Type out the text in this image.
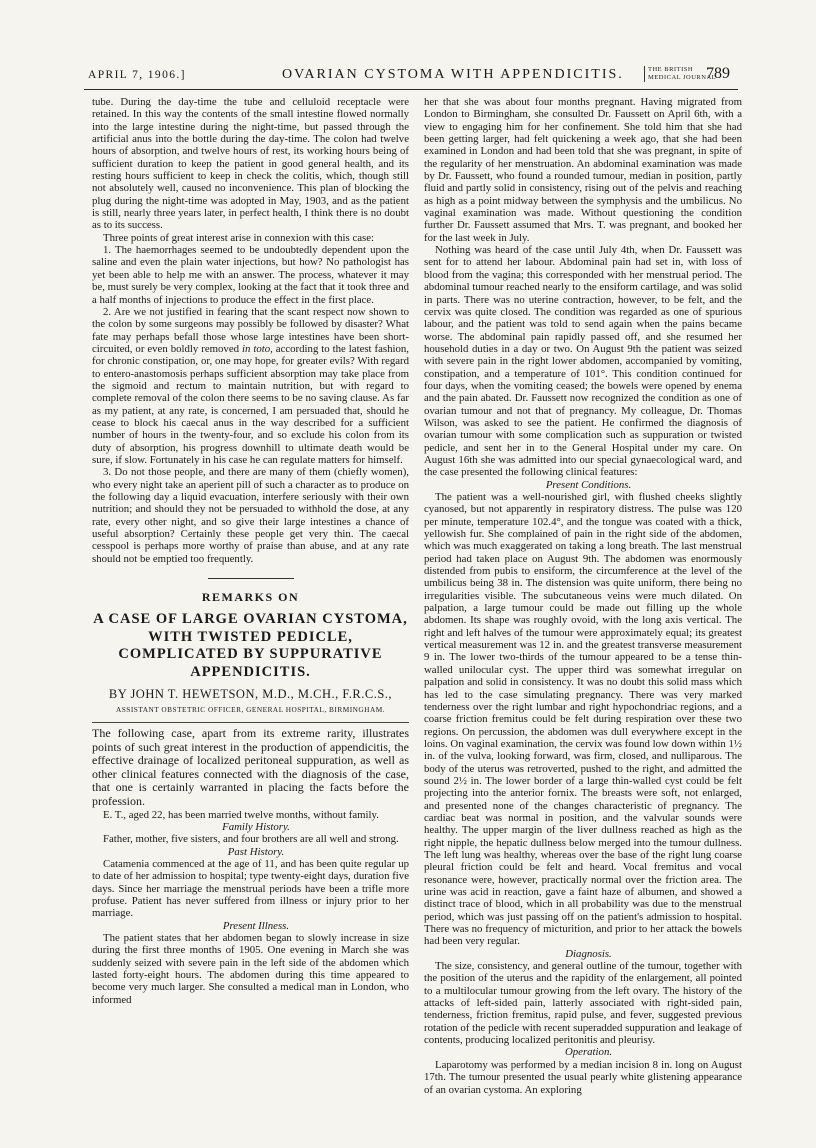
APRIL 7, 1906.]	OVARIAN CYSTOMA WITH APPENDICITIS.	THE BRITISH
MEDICAL JOURNAL
789

tube. During the day-time the tube and celluloid receptacle were retained. In this way the contents of the small intestine flowed normally into the large intestine during the night-time, but passed through the artificial anus into the bottle during the day-time. The colon had twelve hours of absorption, and twelve hours of rest, its working hours being of sufficient duration to keep the patient in good general health, and its resting hours sufficient to keep in check the colitis, which, though still not absolutely well, caused no inconvenience. This plan of blocking the plug during the night-time was adopted in May, 1903, and as the patient is still, nearly three years later, in perfect health, I think there is no doubt as to its success.

Three points of great interest arise in connexion with this case:

1. The haemorrhages seemed to be undoubtedly dependent upon the saline and even the plain water injections, but how? No pathologist has yet been able to help me with an answer. The process, whatever it may be, must surely be very complex, looking at the fact that it took three and a half months of injections to produce the effect in the first place.

2. Are we not justified in fearing that the scant respect now shown to the colon by some surgeons may possibly be followed by disaster? What fate may perhaps befall those whose large intestines have been short-circuited, or even boldly removed in toto, according to the latest fashion, for chronic constipation, or, one may hope, for greater evils? With regard to entero-anastomosis perhaps sufficient absorption may take place from the sigmoid and rectum to maintain nutrition, but with regard to complete removal of the colon there seems to be no saving clause. As far as my patient, at any rate, is concerned, I am persuaded that, should he cease to block his caecal anus in the way described for a sufficient number of hours in the twenty-four, and so exclude his colon from its duty of absorption, his progress downhill to ultimate death would be sure, if slow. Fortunately in his case he can regulate matters for himself.

3. Do not those people, and there are many of them (chiefly women), who every night take an aperient pill of such a character as to produce on the following day a liquid evacuation, interfere seriously with their own nutrition; and should they not be persuaded to withhold the dose, at any rate, every other night, and so give their large intestines a chance of useful absorption? Certainly these people get very thin. The caecal cesspool is perhaps more worthy of praise than abuse, and at any rate should not be emptied too frequently.

REMARKS ON
A CASE OF LARGE OVARIAN CYSTOMA, WITH TWISTED PEDICLE, COMPLICATED BY SUPPURATIVE APPENDICITIS.
BY JOHN T. HEWETSON, M.D., M.CH., F.R.C.S.,
ASSISTANT OBSTETRIC OFFICER, GENERAL HOSPITAL, BIRMINGHAM.

The following case, apart from its extreme rarity, illustrates points of such great interest in the production of appendicitis, the effective drainage of localized peritoneal suppuration, as well as other clinical features connected with the diagnosis of the case, that one is certainly warranted in placing the facts before the profession.

E. T., aged 22, has been married twelve months, without family.

Family History.

Father, mother, five sisters, and four brothers are all well and strong.

Past History.

Catamenia commenced at the age of 11, and has been quite regular up to date of her admission to hospital; type twenty-eight days, duration five days. Since her marriage the menstrual periods have been a trifle more profuse. Patient has never suffered from illness or injury prior to her marriage.

Present Illness.

The patient states that her abdomen began to slowly increase in size during the first three months of 1905. One evening in March she was suddenly seized with severe pain in the left side of the abdomen which lasted forty-eight hours. The abdomen during this time appeared to become very much larger. She consulted a medical man in London, who informed

her that she was about four months pregnant. Having migrated from London to Birmingham, she consulted Dr. Faussett on April 6th, with a view to engaging him for her confinement. She told him that she had been getting larger, had felt quickening a week ago, that she had been examined in London and had been told that she was pregnant, in spite of the regularity of her menstruation. An abdominal examination was made by Dr. Faussett, who found a rounded tumour, median in position, partly fluid and partly solid in consistency, rising out of the pelvis and reaching as high as a point midway between the symphysis and the umbilicus. No vaginal examination was made. Without questioning the condition further Dr. Faussett assumed that Mrs. T. was pregnant, and booked her for the last week in July.

Nothing was heard of the case until July 4th, when Dr. Faussett was sent for to attend her labour. Abdominal pain had set in, with loss of blood from the vagina; this corresponded with her menstrual period. The abdominal tumour reached nearly to the ensiform cartilage, and was solid in parts. There was no uterine contraction, however, to be felt, and the cervix was quite closed. The condition was regarded as one of spurious labour, and the patient was told to send again when the pains became worse. The abdominal pain rapidly passed off, and she resumed her household duties in a day or two. On August 9th the patient was seized with severe pain in the right lower abdomen, accompanied by vomiting, constipation, and a temperature of 101°. This condition continued for four days, when the vomiting ceased; the bowels were opened by enema and the pain abated. Dr. Faussett now recognized the condition as one of ovarian tumour and not that of pregnancy. My colleague, Dr. Thomas Wilson, was asked to see the patient. He confirmed the diagnosis of ovarian tumour with some complication such as suppuration or twisted pedicle, and sent her in to the General Hospital under my care. On August 16th she was admitted into our special gynaecological ward, and the case presented the following clinical features:

Present Conditions.

The patient was a well-nourished girl, with flushed cheeks slightly cyanosed, but not apparently in respiratory distress. The pulse was 120 per minute, temperature 102.4°, and the tongue was coated with a thick, yellowish fur. She complained of pain in the right side of the abdomen, which was much exaggerated on taking a long breath. The last menstrual period had taken place on August 9th. The abdomen was enormously distended from pubis to ensiform, the circumference at the level of the umbilicus being 38 in. The distension was quite uniform, there being no irregularities visible. The subcutaneous veins were much dilated. On palpation, a large tumour could be made out filling up the whole abdomen. Its shape was roughly ovoid, with the long axis vertical. The right and left halves of the tumour were approximately equal; its greatest vertical measurement was 12 in. and the greatest transverse measurement 9 in. The lower two-thirds of the tumour appeared to be a tense thin-walled unilocular cyst. The upper third was somewhat irregular on palpation and solid in consistency. It was no doubt this solid mass which has led to the case simulating pregnancy. There was very marked tenderness over the right lumbar and right hypochondriac regions, and a coarse friction fremitus could be felt during respiration over these two regions. On percussion, the abdomen was dull everywhere except in the loins. On vaginal examination, the cervix was found low down within 1½ in. of the vulva, looking forward, was firm, closed, and nulliparous. The body of the uterus was retroverted, pushed to the right, and admitted the sound 2½ in. The lower border of a large thin-walled cyst could be felt projecting into the anterior fornix. The breasts were soft, not enlarged, and presented none of the changes characteristic of pregnancy. The cardiac beat was normal in position, and the valvular sounds were healthy. The upper margin of the liver dullness reached as high as the right nipple, the hepatic dullness below merged into the tumour dullness. The left lung was healthy, whereas over the base of the right lung coarse pleural friction could be felt and heard. Vocal fremitus and vocal resonance were, however, practically normal over the friction area. The urine was acid in reaction, gave a faint haze of albumen, and showed a distinct trace of blood, which in all probability was due to the menstrual period, which was just passing off on the patient's admission to hospital. There was no frequency of micturition, and prior to her attack the bowels had been very regular.

Diagnosis.

The size, consistency, and general outline of the tumour, together with the position of the uterus and the rapidity of the enlargement, all pointed to a multilocular tumour growing from the left ovary. The history of the attacks of left-sided pain, latterly associated with right-sided pain, tenderness, friction fremitus, rapid pulse, and fever, suggested previous rotation of the pedicle with recent superadded suppuration and leakage of contents, producing localized peritonitis and pleurisy.

Operation.

Laparotomy was performed by a median incision 8 in. long on August 17th. The tumour presented the usual pearly white glistening appearance of an ovarian cystoma. An exploring
